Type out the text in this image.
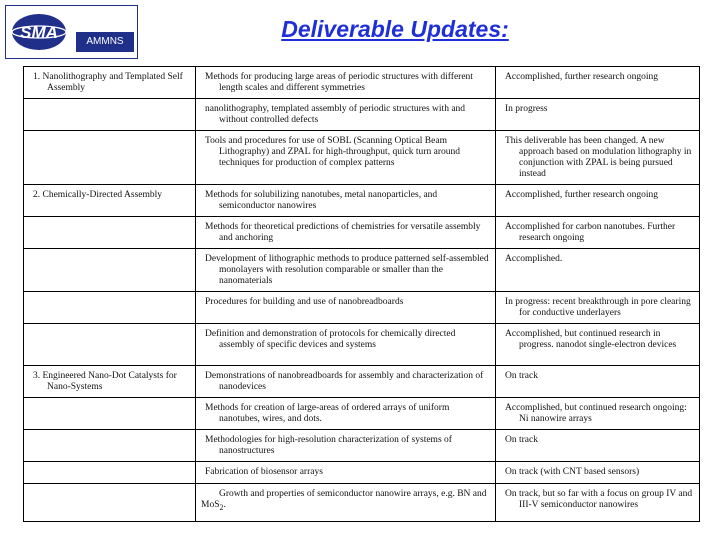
SMA	AMMNS	Deliverable Updates:
1. Nanolithography and Templated Self Assembly	Methods for producing large areas of periodic structures with different length scales and different symmetries	Accomplished, further research ongoing

	nanolithography, templated assembly of periodic structures with and without controlled defects	In progress

	Tools and procedures for use of SOBL (Scanning Optical Beam Lithography) and ZPAL for high-throughput, quick turn around techniques for production of complex patterns	This deliverable has been changed. A new approach based on modulation lithography in conjunction with ZPAL is being pursued instead

2. Chemically-Directed Assembly	Methods for solubilizing nanotubes, metal nanoparticles, and semiconductor nanowires	Accomplished, further research ongoing

	Methods for theoretical predictions of chemistries for versatile assembly and anchoring	Accomplished for carbon nanotubes. Further research ongoing

	Development of lithographic methods to produce patterned self-assembled monolayers with resolution comparable or smaller than the nanomaterials	Accomplished.

	Procedures for building and use of nanobreadboards	In progress: recent breakthrough in pore clearing for conductive underlayers

	Definition and demonstration of protocols for chemically directed assembly of specific devices and systems	Accomplished, but continued research in progress. nanodot single-electron devices

3. Engineered Nano-Dot Catalysts for Nano-Systems	Demonstrations of nanobreadboards for assembly and characterization of nanodevices	On track

	Methods for creation of large-areas of ordered arrays of uniform nanotubes, wires, and dots.	Accomplished, but continued research ongoing: Ni nanowire arrays

	Methodologies for high-resolution characterization of systems of nanostructures	On track

	Fabrication of biosensor arrays	On track (with CNT based sensors)

	Growth and properties of semiconductor nanowire arrays, e.g. BN and MoS$_2$.	On track, but so far with a focus on group IV and III-V semiconductor nanowires
